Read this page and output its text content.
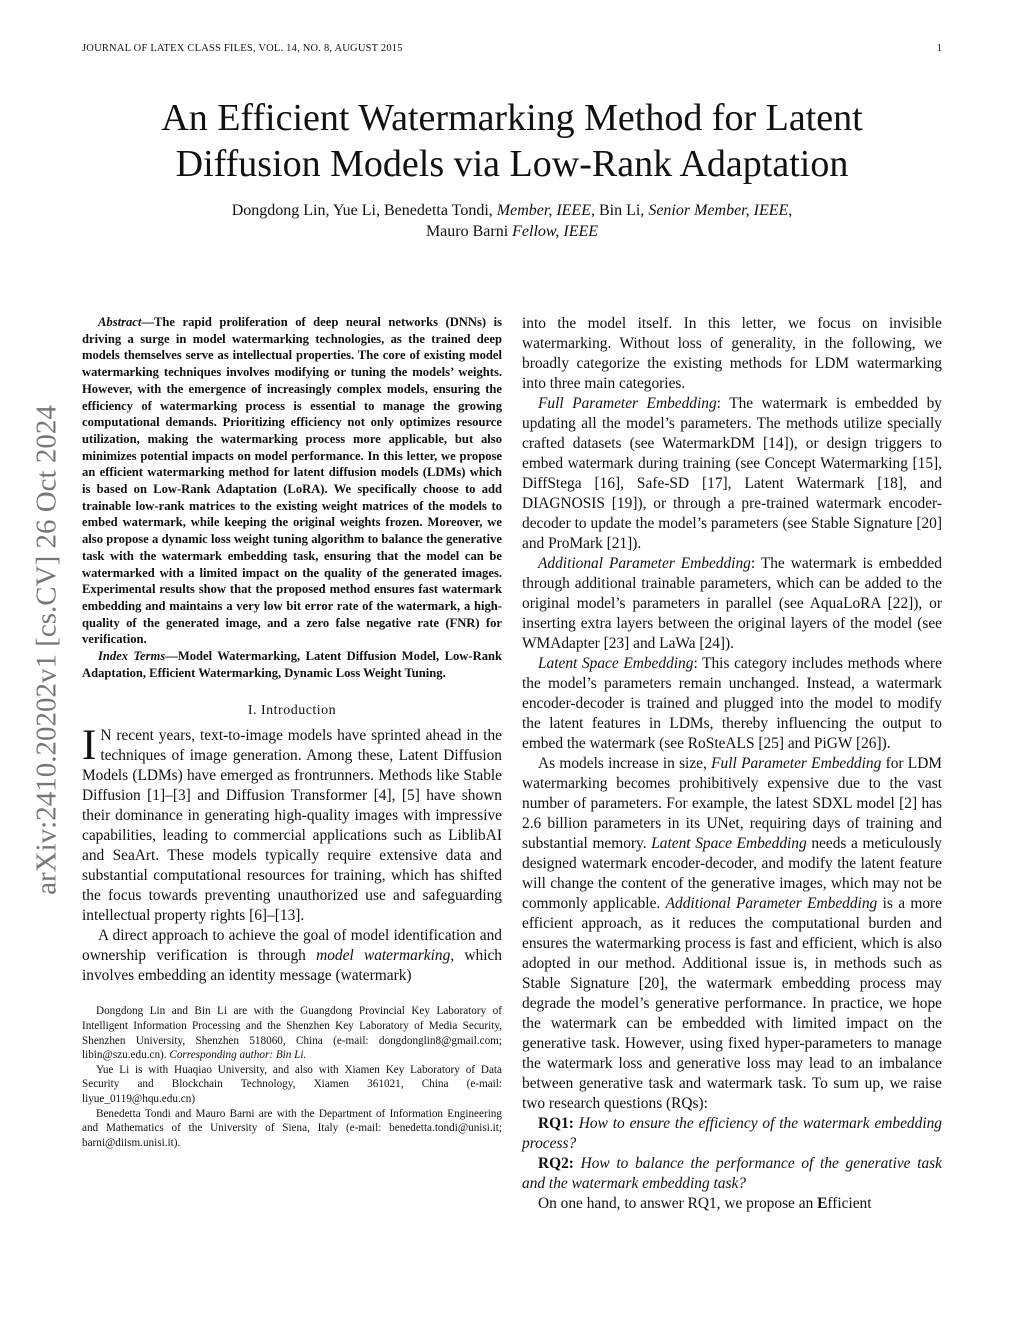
JOURNAL OF LATEX CLASS FILES, VOL. 14, NO. 8, AUGUST 2015	1
arXiv:2410.20202v1 [cs.CV] 26 Oct 2024
An Efficient Watermarking Method for Latent
Diffusion Models via Low-Rank Adaptation
Dongdong Lin, Yue Li, Benedetta Tondi, Member, IEEE, Bin Li, Senior Member, IEEE,
Mauro Barni Fellow, IEEE

Abstract—The rapid proliferation of deep neural networks (DNNs) is driving a surge in model watermarking technologies, as the trained deep models themselves serve as intellectual properties. The core of existing model watermarking techniques involves modifying or tuning the models’ weights. However, with the emergence of increasingly complex models, ensuring the efficiency of watermarking process is essential to manage the growing computational demands. Prioritizing efficiency not only optimizes resource utilization, making the watermarking process more applicable, but also minimizes potential impacts on model performance. In this letter, we propose an efficient watermarking method for latent diffusion models (LDMs) which is based on Low-Rank Adaptation (LoRA). We specifically choose to add trainable low-rank matrices to the existing weight matrices of the models to embed watermark, while keeping the original weights frozen. Moreover, we also propose a dynamic loss weight tuning algorithm to balance the generative task with the watermark embedding task, ensuring that the model can be watermarked with a limited impact on the quality of the generated images. Experimental results show that the proposed method ensures fast watermark embedding and maintains a very low bit error rate of the watermark, a high-quality of the generated image, and a zero false negative rate (FNR) for verification.

Index Terms—Model Watermarking, Latent Diffusion Model, Low-Rank Adaptation, Efficient Watermarking, Dynamic Loss Weight Tuning.

I. Introduction

I N recent years, text-to-image models have sprinted ahead in the techniques of image generation. Among these, Latent Diffusion Models (LDMs) have emerged as frontrunners. Methods like Stable Diffusion [1]–[3] and Diffusion Transformer [4], [5] have shown their dominance in generating high-quality images with impressive capabilities, leading to commercial applications such as LiblibAI and SeaArt. These models typically require extensive data and substantial computational resources for training, which has shifted the focus towards preventing unauthorized use and safeguarding intellectual property rights [6]–[13].

A direct approach to achieve the goal of model identification and ownership verification is through model watermarking, which involves embedding an identity message (watermark)

Dongdong Lin and Bin Li are with the Guangdong Provincial Key Laboratory of Intelligent Information Processing and the Shenzhen Key Laboratory of Media Security, Shenzhen University, Shenzhen 518060, China (e-mail: dongdonglin8@gmail.com; libin@szu.edu.cn). Corresponding author: Bin Li.

Yue Li is with Huaqiao University, and also with Xiamen Key Laboratory of Data Security and Blockchain Technology, Xiamen 361021, China (e-mail: liyue_0119@hqu.edu.cn)

Benedetta Tondi and Mauro Barni are with the Department of Information Engineering and Mathematics of the University of Siena, Italy (e-mail: benedetta.tondi@unisi.it; barni@diism.unisi.it).

into the model itself. In this letter, we focus on invisible watermarking. Without loss of generality, in the following, we broadly categorize the existing methods for LDM watermarking into three main categories.

Full Parameter Embedding: The watermark is embedded by updating all the model’s parameters. The methods utilize specially crafted datasets (see WatermarkDM [14]), or design triggers to embed watermark during training (see Concept Watermarking [15], DiffStega [16], Safe-SD [17], Latent Watermark [18], and DIAGNOSIS [19]), or through a pre-trained watermark encoder-decoder to update the model’s parameters (see Stable Signature [20] and ProMark [21]).

Additional Parameter Embedding: The watermark is embedded through additional trainable parameters, which can be added to the original model’s parameters in parallel (see AquaLoRA [22]), or inserting extra layers between the original layers of the model (see WMAdapter [23] and LaWa [24]).

Latent Space Embedding: This category includes methods where the model’s parameters remain unchanged. Instead, a watermark encoder-decoder is trained and plugged into the model to modify the latent features in LDMs, thereby influencing the output to embed the watermark (see RoSteALS [25] and PiGW [26]).

As models increase in size, Full Parameter Embedding for LDM watermarking becomes prohibitively expensive due to the vast number of parameters. For example, the latest SDXL model [2] has 2.6 billion parameters in its UNet, requiring days of training and substantial memory. Latent Space Embedding needs a meticulously designed watermark encoder-decoder, and modify the latent feature will change the content of the generative images, which may not be commonly applicable. Additional Parameter Embedding is a more efficient approach, as it reduces the computational burden and ensures the watermarking process is fast and efficient, which is also adopted in our method. Additional issue is, in methods such as Stable Signature [20], the watermark embedding process may degrade the model’s generative performance. In practice, we hope the watermark can be embedded with limited impact on the generative task. However, using fixed hyper-parameters to manage the watermark loss and generative loss may lead to an imbalance between generative task and watermark task. To sum up, we raise two research questions (RQs):

RQ1: How to ensure the efficiency of the watermark embedding process?

RQ2: How to balance the performance of the generative task and the watermark embedding task?

On one hand, to answer RQ1, we propose an Efficient
